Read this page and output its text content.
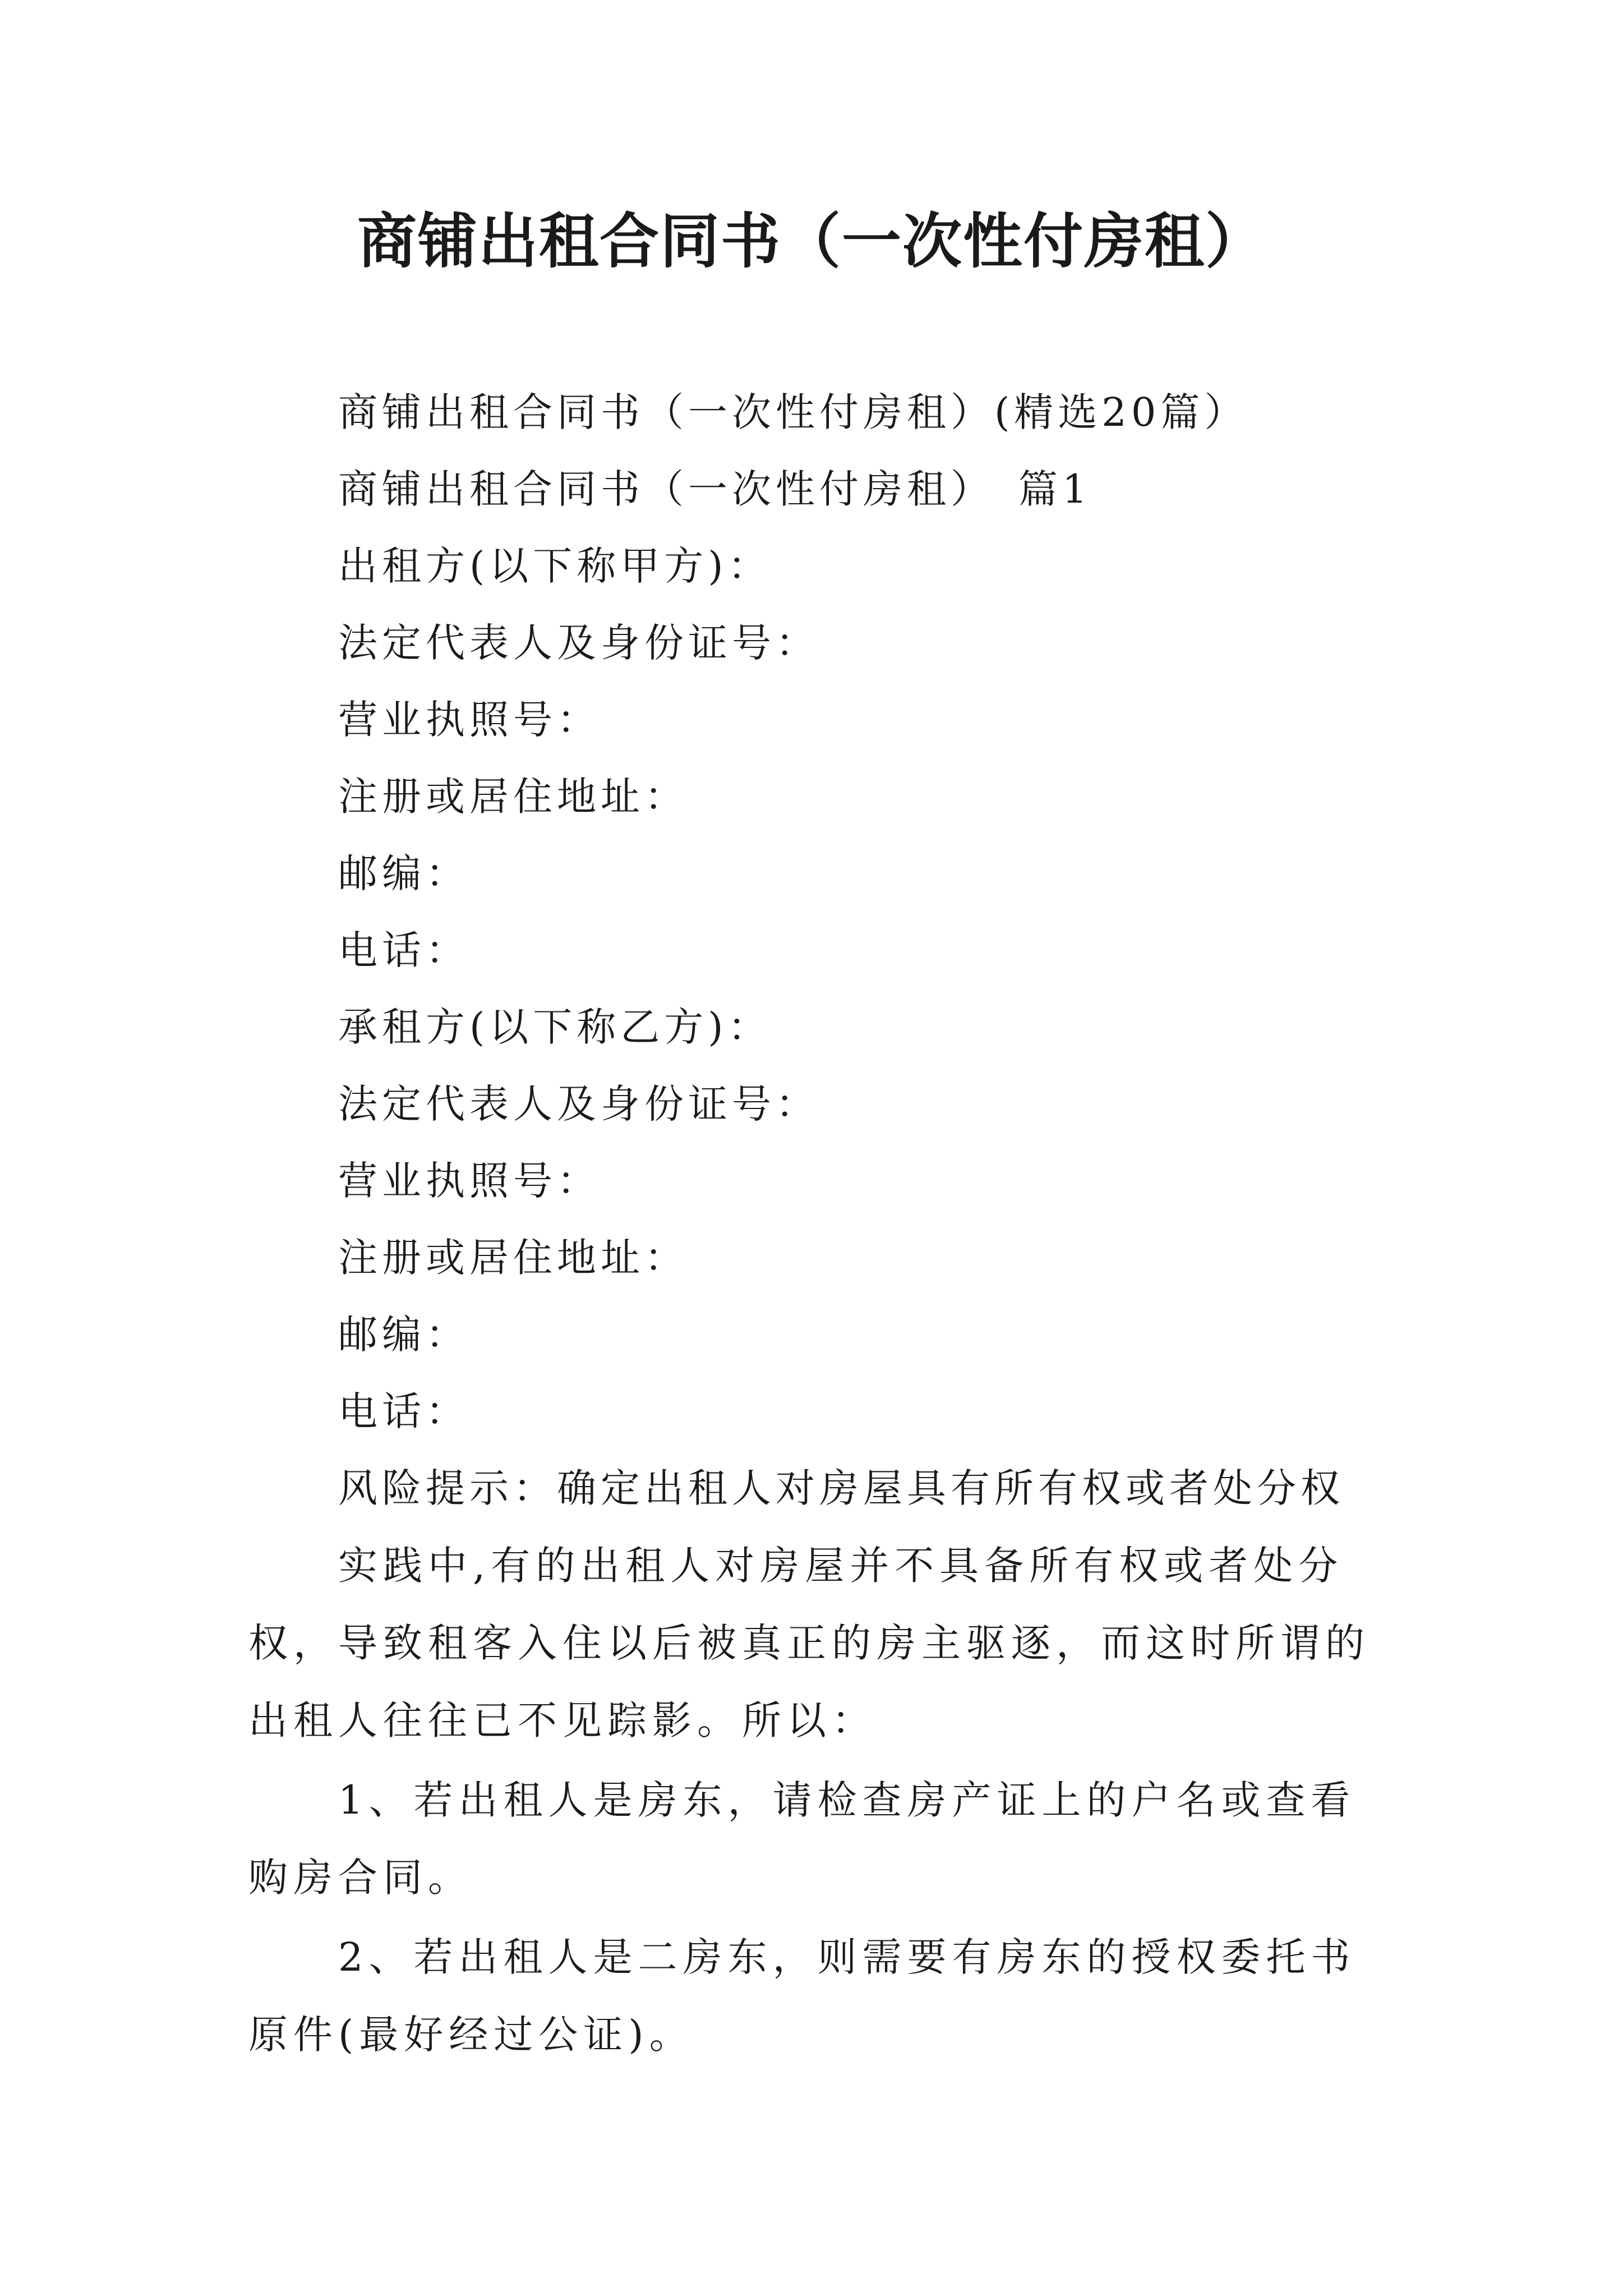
商铺出租合同书（一次性付房租）
商铺出租合同书（一次性付房租）(精选20篇）
商铺出租合同书（一次性付房租）　篇1
出租方(以下称甲方)：
法定代表人及身份证号：
营业执照号：
注册或居住地址：
邮编：
电话：
承租方(以下称乙方)：
法定代表人及身份证号：
营业执照号：
注册或居住地址：
邮编：
电话：
风险提示：确定出租人对房屋具有所有权或者处分权

实践中,有的出租人对房屋并不具备所有权或者处分权，导致租客入住以后被真正的房主驱逐，而这时所谓的出租人往往已不见踪影。所以：

1、若出租人是房东，请检查房产证上的户名或查看购房合同。

2、若出租人是二房东，则需要有房东的授权委托书原件(最好经过公证)。
